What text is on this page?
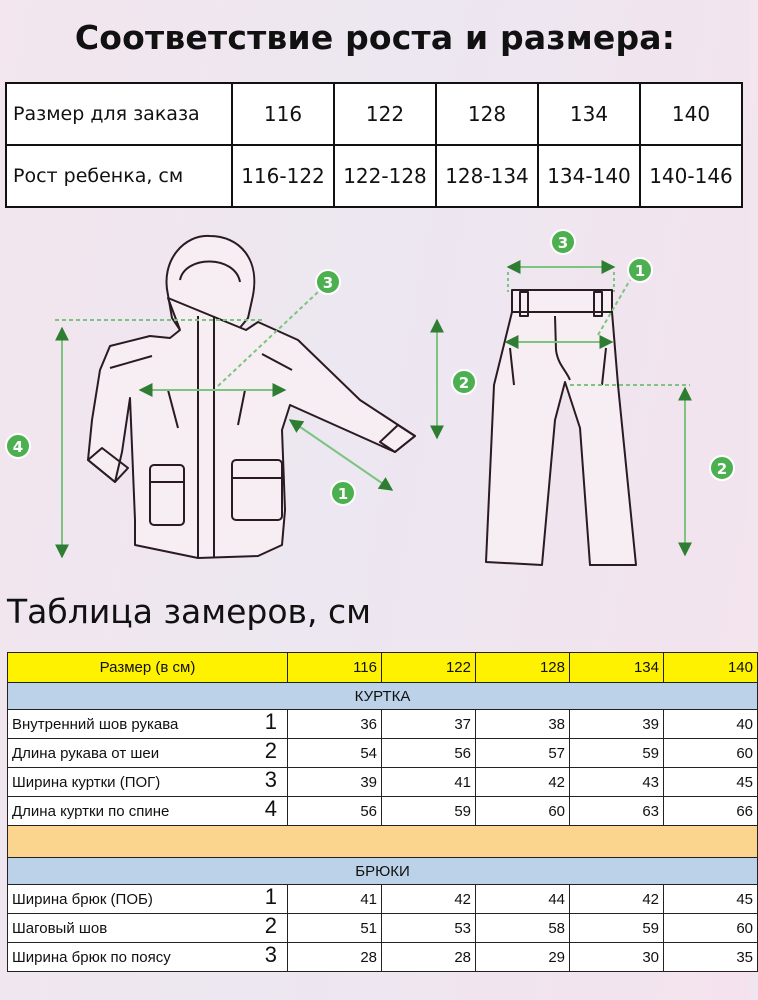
Соответствие роста и размера:
Размер для заказа	116	122	128	134	140
Рост ребенка, см	116-122	122-128	128-134	134-140	140-146
1
2
3
4
1
2
3
Таблица замеров, см
Размер (в см)	116	122	128	134	140
КУРТКА					
Внутренний шов рукава 1	36	37	38	39	40
Длина рукава от шеи 2	54	56	57	59	60
Ширина куртки (ПОГ) 3	39	41	42	43	45
Длина куртки по спине 4	56	59	60	63	66

БРЮКИ					
Ширина брюк (ПОБ) 1	41	42	44	42	45
Шаговый шов 2	51	53	58	59	60
Ширина брюк по поясу 3	28	28	29	30	35
